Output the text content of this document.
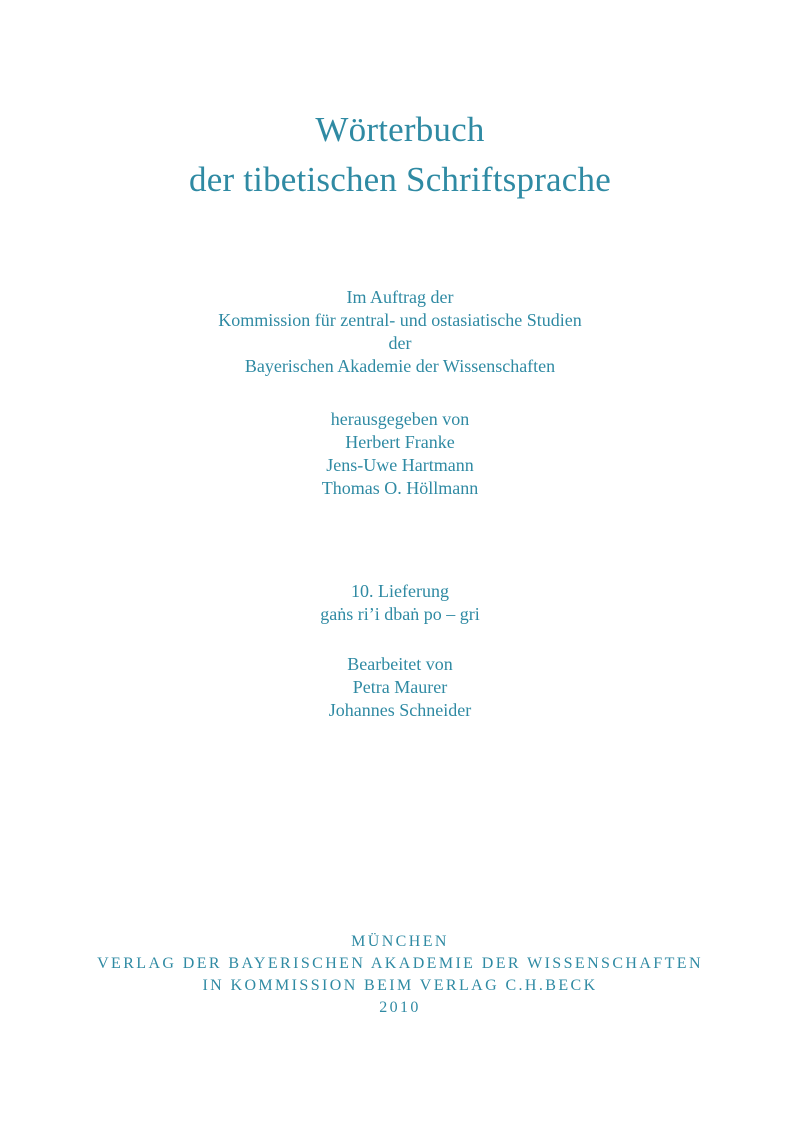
Wörterbuch
der tibetischen Schriftsprache
Im Auftrag der
Kommission für zentral- und ostasiatische Studien
der
Bayerischen Akademie der Wissenschaften
herausgegeben von
Herbert Franke
Jens-Uwe Hartmann
Thomas O. Höllmann
10. Lieferung
gaṅs ri’i dbaṅ po – gri
Bearbeitet von
Petra Maurer
Johannes Schneider
MÜNCHEN
VERLAG DER BAYERISCHEN AKADEMIE DER WISSENSCHAFTEN
IN KOMMISSION BEIM VERLAG C.H.BECK
2010
